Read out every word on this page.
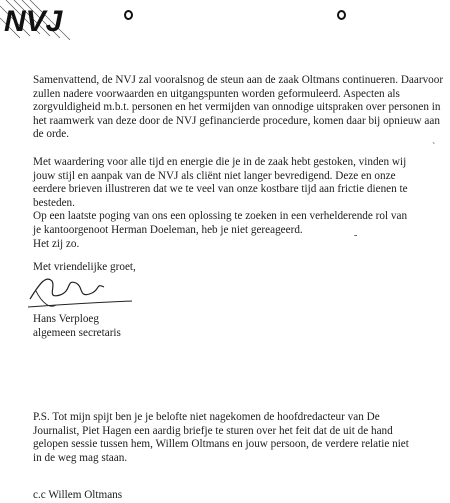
NVJ

Samenvattend, de NVJ zal vooralsnog de steun aan de zaak Oltmans continueren. Daarvoor zullen nadere voorwaarden en uitgangspunten worden geformuleerd. Aspecten als zorgvuldigheid m.b.t. personen en het vermijden van onnodige uitspraken over personen in het raamwerk van deze door de NVJ gefinancierde procedure, komen daar bij opnieuw aan de orde.

Met waardering voor alle tijd en energie die je in de zaak hebt gestoken, vinden wij
jouw stijl en aanpak van de NVJ als cliënt niet langer bevredigend. Deze en onze
eerdere brieven illustreren dat we te veel van onze kostbare tijd aan frictie dienen te
besteden.
Op een laatste poging van ons een oplossing te zoeken in een verhelderende rol van
je kantoorgenoot Herman Doeleman, heb je niet gereageerd.
Het zij zo.
Met vriendelijke groet,
Hans Verploeg
algemeen secretaris
P.S. Tot mijn spijt ben je je belofte niet nagekomen de hoofdredacteur van De
Journalist, Piet Hagen een aardig briefje te sturen over het feit dat de uit de hand
gelopen sessie tussen hem, Willem Oltmans en jouw persoon, de verdere relatie niet
in de weg mag staan.
c.c Willem Oltmans
`
-
